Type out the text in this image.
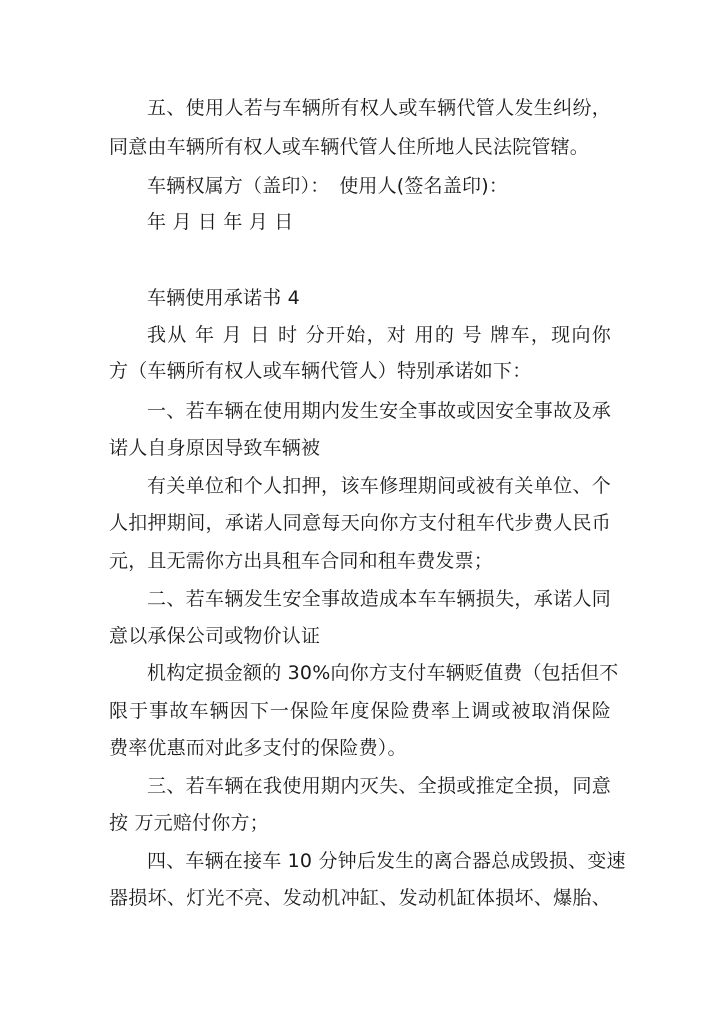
五、使用人若与车辆所有权人或车辆代管人发生纠纷，
同意由车辆所有权人或车辆代管人住所地人民法院管辖。
车辆权属方（盖印）：　使用人(签名盖印)：
年 月 日 年 月 日
车辆使用承诺书 4
我从 年 月 日 时 分开始，对 用的 号 牌车，现向你
方（车辆所有权人或车辆代管人）特别承诺如下：
一、若车辆在使用期内发生安全事故或因安全事故及承
诺人自身原因导致车辆被
有关单位和个人扣押，该车修理期间或被有关单位、个
人扣押期间，承诺人同意每天向你方支付租车代步费人民币
元，且无需你方出具租车合同和租车费发票；
二、若车辆发生安全事故造成本车车辆损失，承诺人同
意以承保公司或物价认证
机构定损金额的 30%向你方支付车辆贬值费（包括但不
限于事故车辆因下一保险年度保险费率上调或被取消保险
费率优惠而对此多支付的保险费）。
三、若车辆在我使用期内灭失、全损或推定全损，同意
按 万元赔付你方；
四、车辆在接车 10 分钟后发生的离合器总成毁损、变速
器损坏、灯光不亮、发动机冲缸、发动机缸体损坏、爆胎、
